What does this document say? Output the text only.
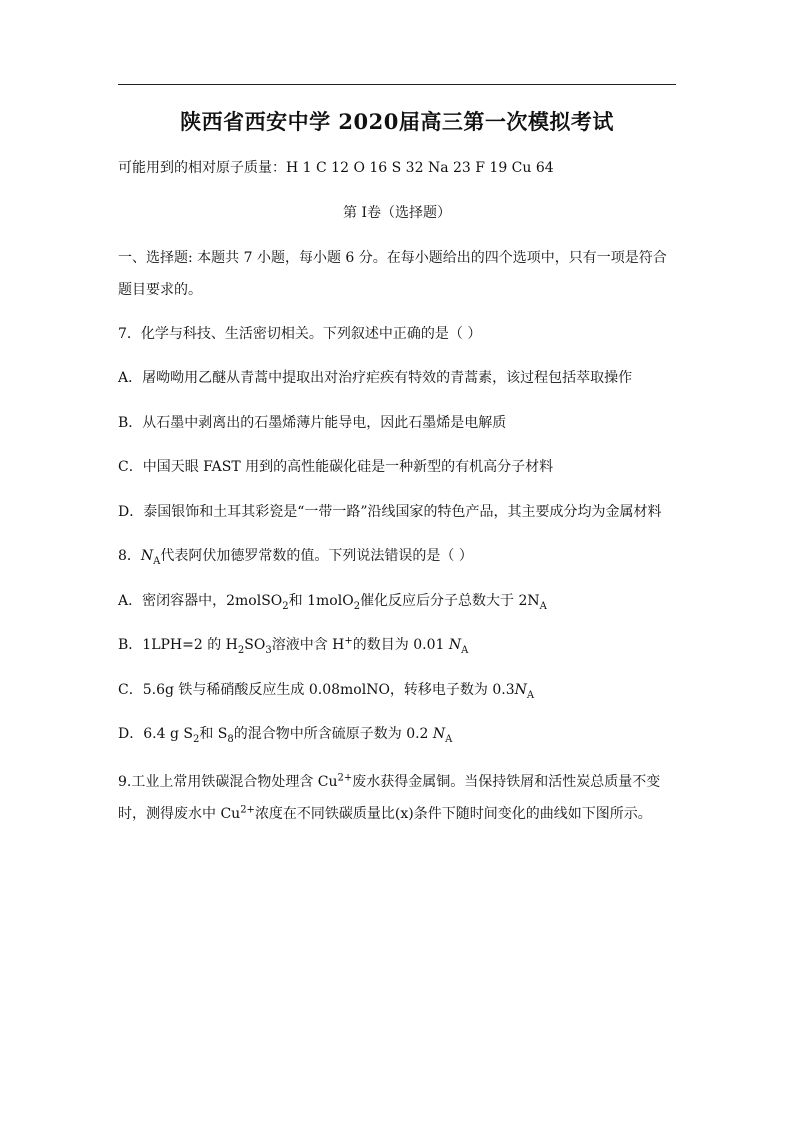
陕西省西安中学 2020届高三第一次模拟考试
可能用到的相对原子质量：H 1 C 12 O 16 S 32 Na 23 F 19 Cu 64
第 I卷（选择题）
一、选择题: 本题共 7 小题，每小题 6 分。在每小题给出的四个选项中，只有一项是符合题目要求的。
7．化学与科技、生活密切相关。下列叙述中正确的是（ ）
A．屠呦呦用乙醚从青蒿中提取出对治疗疟疾有特效的青蒿素，该过程包括萃取操作
B．从石墨中剥离出的石墨烯薄片能导电，因此石墨烯是电解质
C．中国天眼 FAST 用到的高性能碳化硅是一种新型的有机高分子材料
D．泰国银饰和土耳其彩瓷是“一带一路”沿线国家的特色产品，其主要成分均为金属材料
8．$N_A$代表阿伏加德罗常数的值。下列说法错误的是（ ）
A．密闭容器中，2molSO$_2$和 1molO$_2$催化反应后分子总数大于 $2N_A$
B．1LPH=2 的 $H_2SO_3$溶液中含 H+的数目为 0.01 $N_A$
C．5.6g 铁与稀硝酸反应生成 0.08molNO，转移电子数为 $0.3N_A$
D．6.4 g $S_2$和 $S_8$的混合物中所含硫原子数为 0.2 $N_A$
9.工业上常用铁碳混合物处理含 $Cu^{2+}$废水获得金属铜。当保持铁屑和活性炭总质量不变时，测得废水中 $Cu^{2+}$浓度在不同铁碳质量比(x)条件下随时间变化的曲线如下图所示。
